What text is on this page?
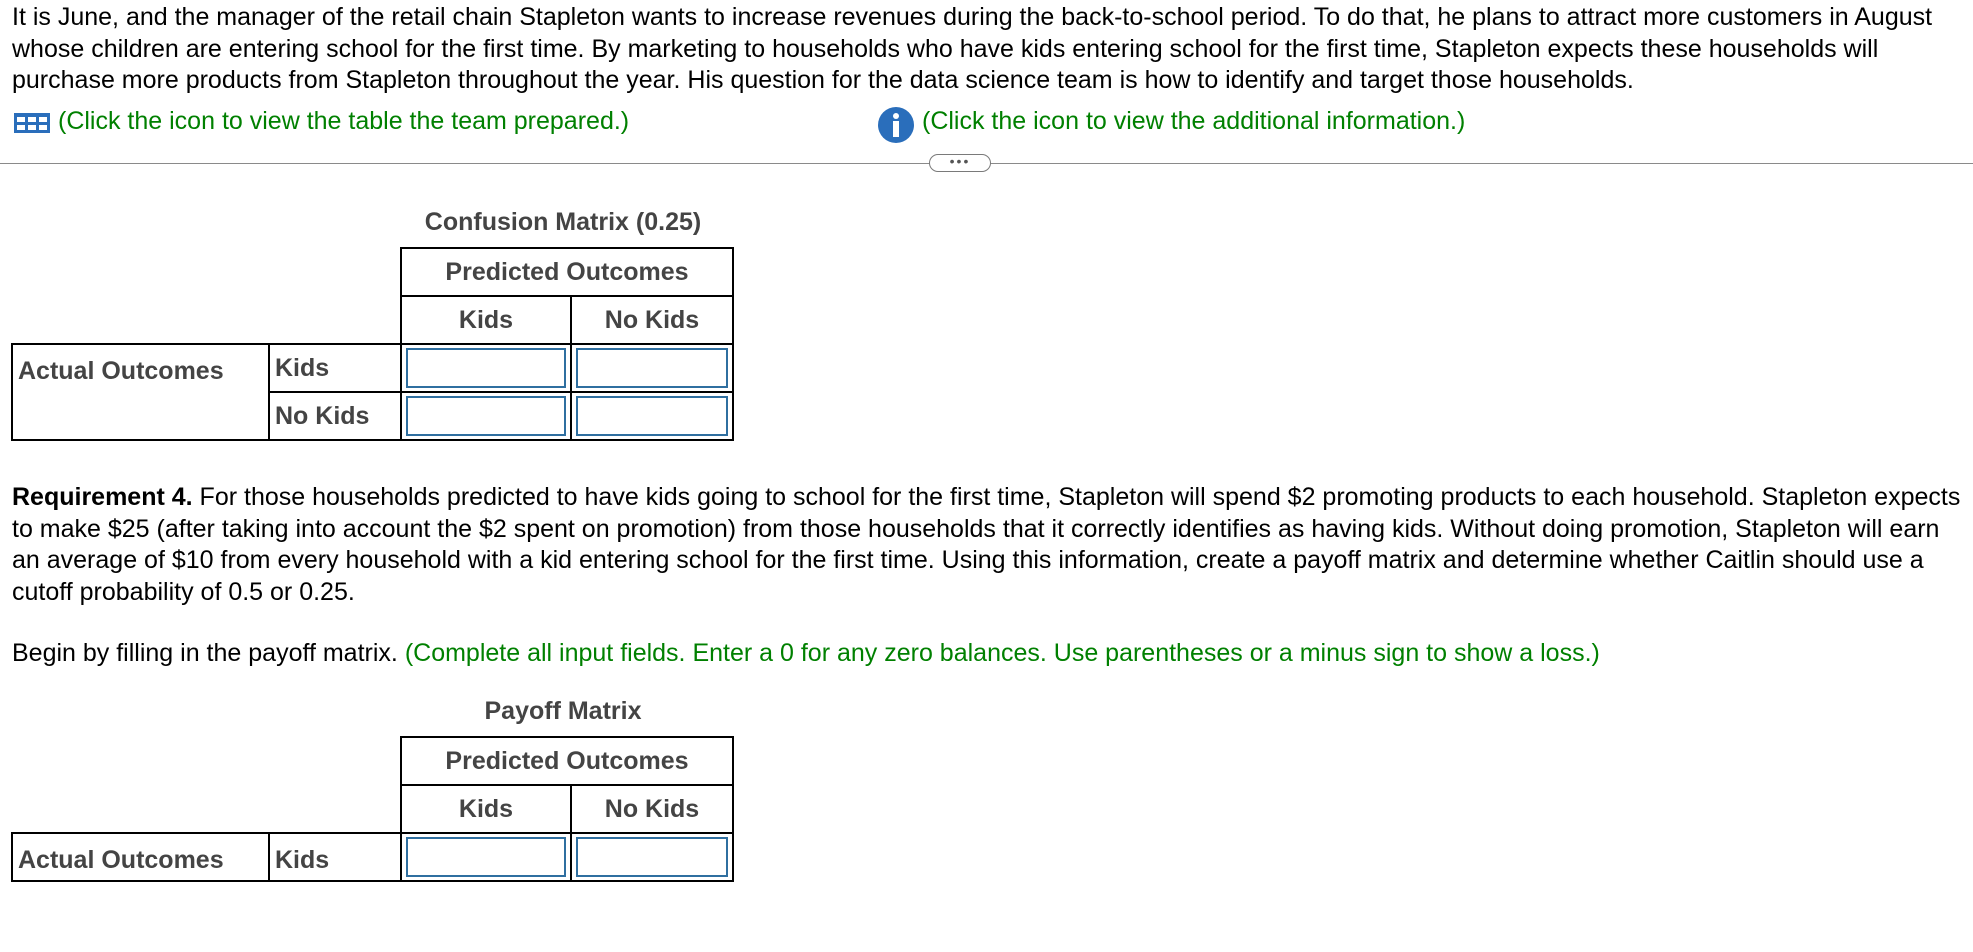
It is June, and the manager of the retail chain Stapleton wants to increase revenues during the back-to-school period. To do that, he plans to attract more customers in August whose children are entering school for the first time. By marketing to households who have kids entering school for the first time, Stapleton expects these households will purchase more products from Stapleton throughout the year. His question for the data science team is how to identify and target those households.
(Click the icon to view the table the team prepared.)	(Click the icon to view the additional information.)
•••
Confusion Matrix (0.25)
		Predicted Outcomes	
		Kids	No Kids
Actual Outcomes	Kids	

	No Kids	

Requirement 4. For those households predicted to have kids going to school for the first time, Stapleton will spend $2 promoting products to each household. Stapleton expects to make $25 (after taking into account the $2 spent on promotion) from those households that it correctly identifies as having kids. Without doing promotion, Stapleton will earn an average of $10 from every household with a kid entering school for the first time. Using this information, create a payoff matrix and determine whether Caitlin should use a cutoff probability of 0.5 or 0.25.
Begin by filling in the payoff matrix. (Complete all input fields. Enter a 0 for any zero balances. Use parentheses or a minus sign to show a loss.)
Payoff Matrix
		Predicted Outcomes	
		Kids	No Kids
Actual Outcomes	Kids	
